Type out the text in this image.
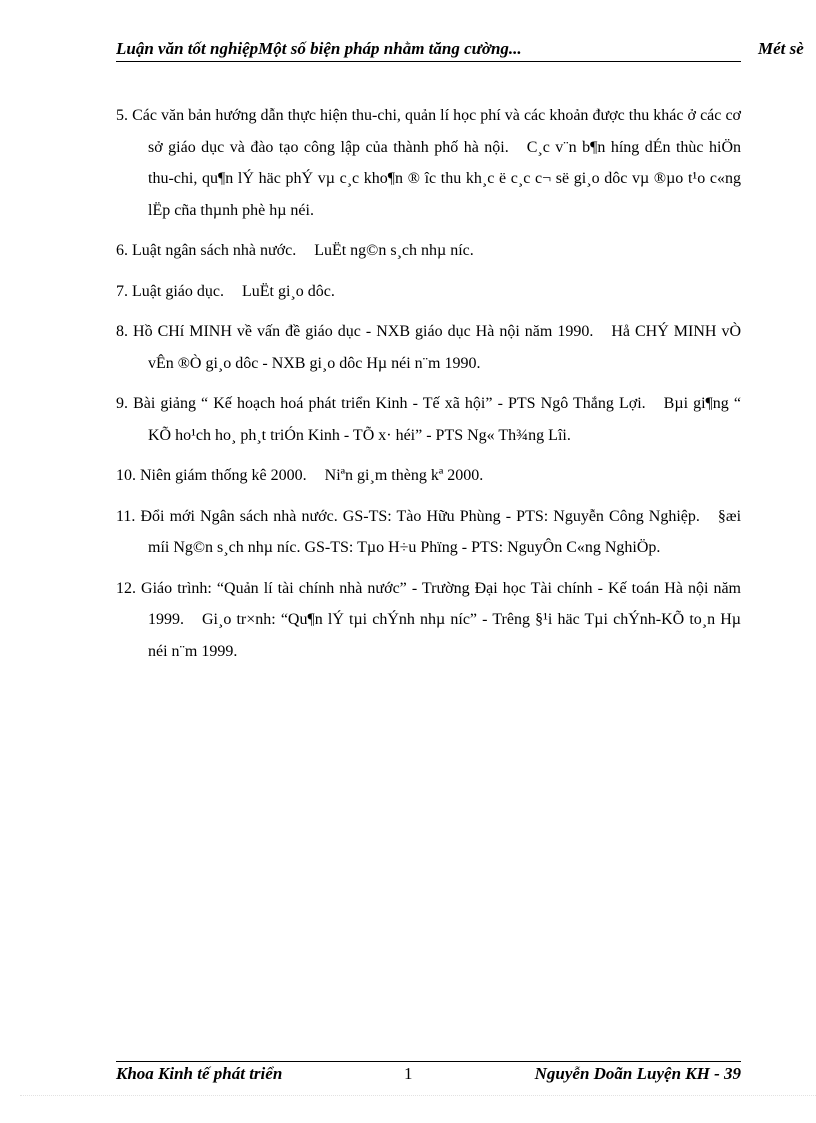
Luận văn tốt nghiệpMột số biện pháp nhằm tăng cường...	Mét sè

5. Các văn bản hướng dẫn thực hiện thu-chi, quản lí học phí và các khoản được thu khác ở các cơ sở giáo dục và đào tạo công lập của thành phố hà nội. C¸c v¨n b¶n híng dÉn thùc hiÖn thu-chi, qu¶n lÝ häc phÝ vµ c¸c kho¶n ® îc thu kh¸c ë c¸c c¬ së gi¸o dôc vµ ®µo t¹o c«ng lËp cña thµnh phè hµ néi.

6. Luật ngân sách nhà nước. LuËt ng©n s¸ch nhµ níc.

7. Luật giáo dục. LuËt gi¸o dôc.

8. Hồ CHí MINH về vấn đề giáo dục - NXB giáo dục Hà nội năm 1990. Hå CHÝ MINH vÒ vÊn ®Ò gi¸o dôc - NXB gi¸o dôc Hµ néi n¨m 1990.

9. Bài giảng “ Kế hoạch hoá phát triển Kinh - Tế xã hội” - PTS Ngô Thắng Lợi. Bµi gi¶ng “ KÕ ho¹ch ho¸ ph¸t triÓn Kinh - TÕ x· héi” - PTS Ng« Th¾ng Lîi.

10. Niên giám thống kê 2000. Niªn gi¸m thèng kª 2000.

11. Đổi mới Ngân sách nhà nước. GS-TS: Tào Hữu Phùng - PTS: Nguyễn Công Nghiệp. §æi míi Ng©n s¸ch nhµ níc. GS-TS: Tµo H÷u Phïng - PTS: NguyÔn C«ng NghiÖp.

12. Giáo trình: “Quản lí tài chính nhà nước” - Trường Đại học Tài chính - Kế toán Hà nội năm 1999. Gi¸o tr×nh: “Qu¶n lÝ tµi chÝnh nhµ níc” - Trêng §¹i häc Tµi chÝnh-KÕ to¸n Hµ néi n¨m 1999.

Khoa Kinh tế phát triển	1	Nguyễn Doãn Luyện KH - 39
